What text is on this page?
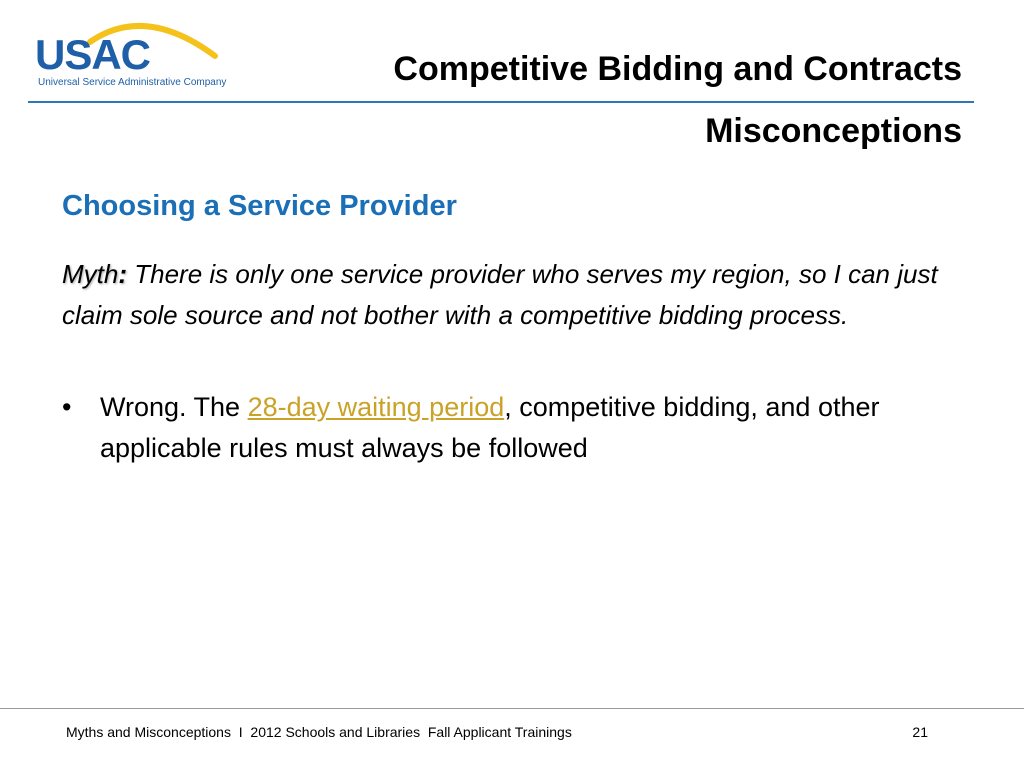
USAC
Universal Service Administrative Company	Competitive Bidding and Contracts
Misconceptions
Choosing a Service Provider
Myth: There is only one service provider who serves my region, so I can just claim sole source and not bother with a competitive bidding process.
•	Wrong. The 28-day waiting period, competitive bidding, and other applicable rules must always be followed
Myths and Misconceptions  I  2012 Schools and Libraries  Fall Applicant Trainings	21
